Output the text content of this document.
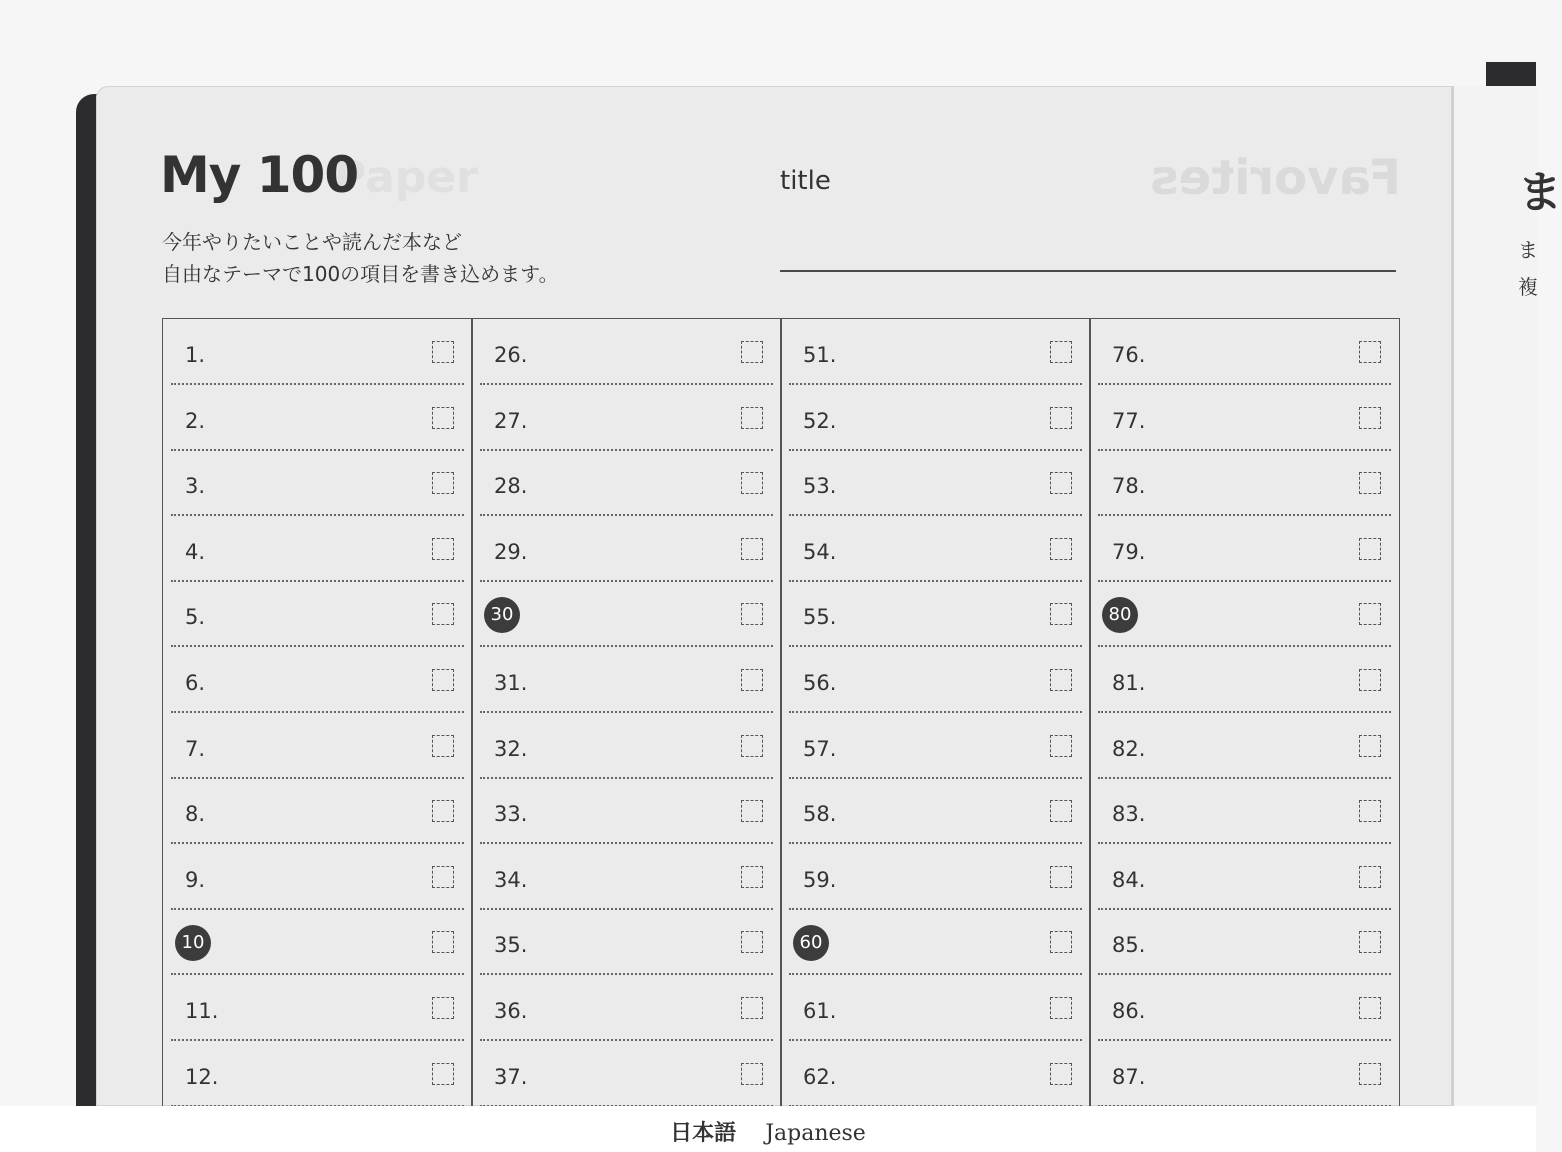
ま
ま
複
Paper	Favorites
My 100	title
今年やりたいことや読んだ本など
自由なテーマで100の項目を書き込めます。
1.
2.
3.
4.
5.
6.
7.
8.
9.
10
11.
12.
26.
27.
28.
29.
30
31.
32.
33.
34.
35.
36.
37.
51.
52.
53.
54.
55.
56.
57.
58.
59.
60
61.
62.
76.
77.
78.
79.
80
81.
82.
83.
84.
85.
86.
87.
日本語 Japanese
